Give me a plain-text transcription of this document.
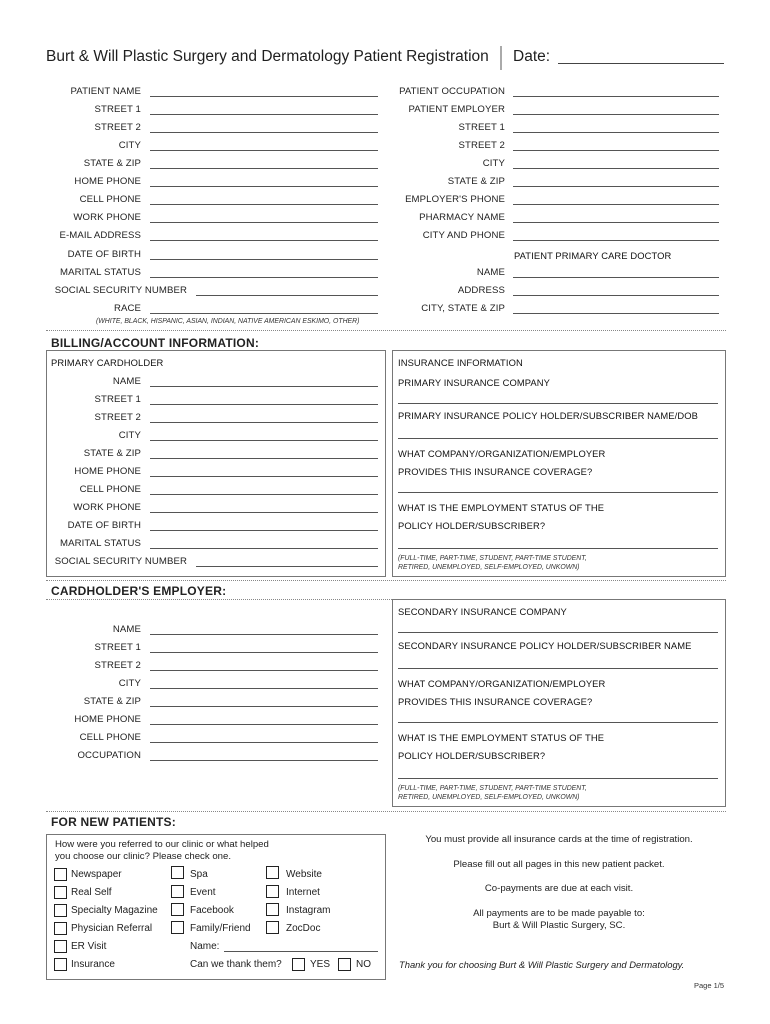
Burt & Will Plastic Surgery and Dermatology Patient Registration Date:
PATIENT NAME
STREET 1
STREET 2
CITY
STATE & ZIP
HOME PHONE
CELL PHONE
WORK PHONE
E-MAIL ADDRESS
DATE OF BIRTH
MARITAL STATUS
SOCIAL SECURITY NUMBER
RACE
(WHITE, BLACK, HISPANIC, ASIAN, INDIAN, NATIVE AMERICAN ESKIMO, OTHER)
PATIENT OCCUPATION
PATIENT EMPLOYER
STREET 1
STREET 2
CITY
STATE & ZIP
EMPLOYER'S PHONE
PHARMACY NAME
CITY AND PHONE
PATIENT PRIMARY CARE DOCTOR
NAME
ADDRESS
CITY, STATE & ZIP
BILLING/ACCOUNT INFORMATION:
PRIMARY CARDHOLDER
NAME
STREET 1
STREET 2
CITY
STATE & ZIP
HOME PHONE
CELL PHONE
WORK PHONE
DATE OF BIRTH
MARITAL STATUS
SOCIAL SECURITY NUMBER
INSURANCE INFORMATION
PRIMARY INSURANCE COMPANY
PRIMARY INSURANCE POLICY HOLDER/SUBSCRIBER NAME/DOB
WHAT COMPANY/ORGANIZATION/EMPLOYER
PROVIDES THIS INSURANCE COVERAGE?
WHAT IS THE EMPLOYMENT STATUS OF THE
POLICY HOLDER/SUBSCRIBER?
(FULL-TIME, PART-TIME, STUDENT, PART-TIME STUDENT,
RETIRED, UNEMPLOYED, SELF-EMPLOYED, UNKOWN)
CARDHOLDER'S EMPLOYER:
NAME
STREET 1
STREET 2
CITY
STATE & ZIP
HOME PHONE
CELL PHONE
OCCUPATION
SECONDARY INSURANCE COMPANY
SECONDARY INSURANCE POLICY HOLDER/SUBSCRIBER NAME
WHAT COMPANY/ORGANIZATION/EMPLOYER
PROVIDES THIS INSURANCE COVERAGE?
WHAT IS THE EMPLOYMENT STATUS OF THE
POLICY HOLDER/SUBSCRIBER?
(FULL-TIME, PART-TIME, STUDENT, PART-TIME STUDENT,
RETIRED, UNEMPLOYED, SELF-EMPLOYED, UNKOWN)
FOR NEW PATIENTS:
How were you referred to our clinic or what helped
you choose our clinic? Please check one.
Newspaper
Real Self
Specialty Magazine
Physician Referral
ER Visit
Insurance
Spa
Event
Facebook
Family/Friend
Website
Internet
Instagram
ZocDoc
Name:
Can we thank them?	YES	NO
You must provide all insurance cards at the time of registration.
Please fill out all pages in this new patient packet.
Co-payments are due at each visit.
All payments are to be made payable to:
Burt & Will Plastic Surgery, SC.
Thank you for choosing Burt & Will Plastic Surgery and Dermatology.
Page 1/5
